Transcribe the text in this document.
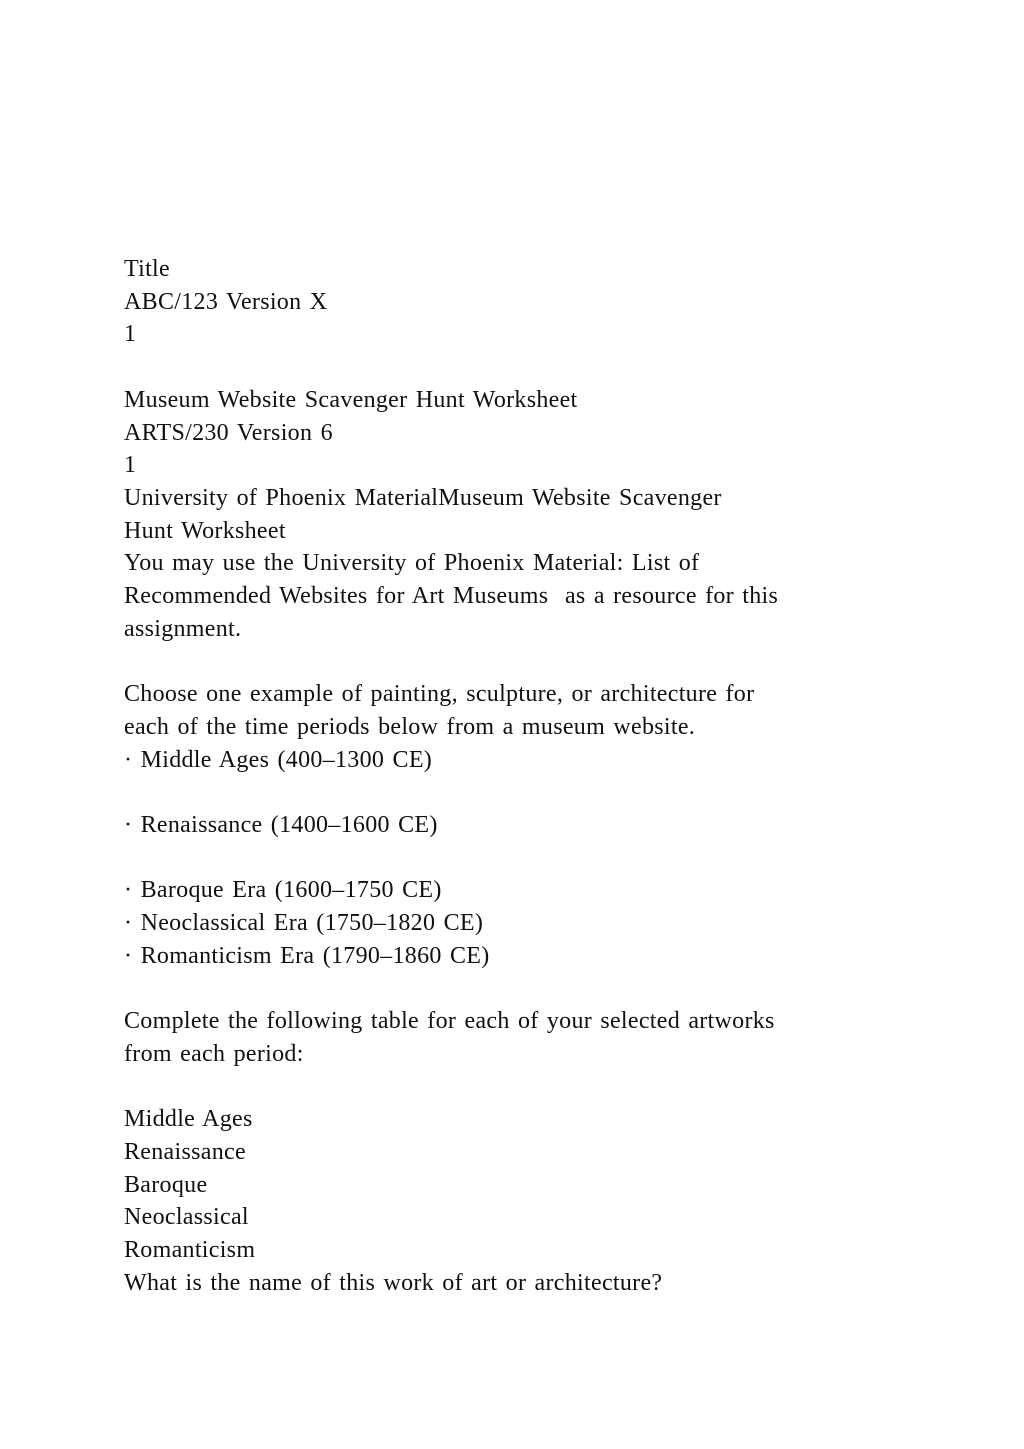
Title
ABC/123 Version X
1
Museum Website Scavenger Hunt Worksheet
ARTS/230 Version 6
1
University of Phoenix MaterialMuseum Website Scavenger
Hunt Worksheet
You may use the University of Phoenix Material: List of
Recommended Websites for Art Museums  as a resource for this
assignment.
Choose one example of painting, sculpture, or architecture for
each of the time periods below from a museum website.
· Middle Ages (400–1300 CE)
· Renaissance (1400–1600 CE)
· Baroque Era (1600–1750 CE)
· Neoclassical Era (1750–1820 CE)
· Romanticism Era (1790–1860 CE)
Complete the following table for each of your selected artworks
from each period:
Middle Ages
Renaissance
Baroque
Neoclassical
Romanticism
What is the name of this work of art or architecture?
